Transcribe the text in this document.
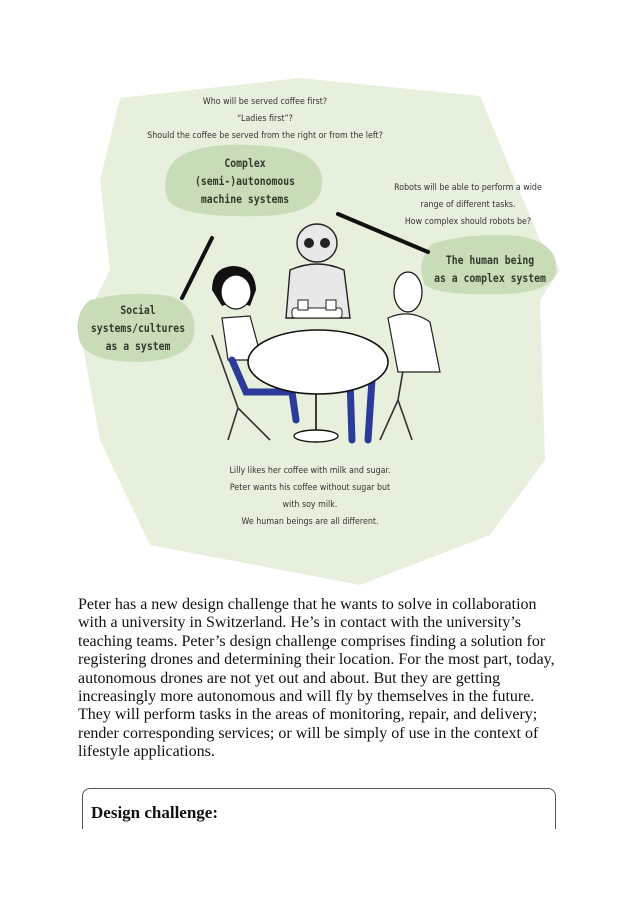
Who will be served coffee first?
“Ladies first”?
Should the coffee be served from the right or from the left?
Complex
(semi-)autonomous
machine systems
Robots will be able to perform a wide
range of different tasks.
How complex should robots be?
The human being
as a complex system
Social
systems/cultures
as a system
Lilly likes her coffee with milk and sugar.
Peter wants his coffee without sugar but
with soy milk.
We human beings are all different.

Peter has a new design challenge that he wants to solve in collaboration with a university in Switzerland. He’s in contact with the university’s teaching teams. Peter’s design challenge comprises finding a solution for registering drones and determining their location. For the most part, today, autonomous drones are not yet out and about. But they are getting increasingly more autonomous and will fly by themselves in the future. They will perform tasks in the areas of monitoring, repair, and delivery; render corresponding services; or will be simply of use in the context of lifestyle applications.

Design challenge:
